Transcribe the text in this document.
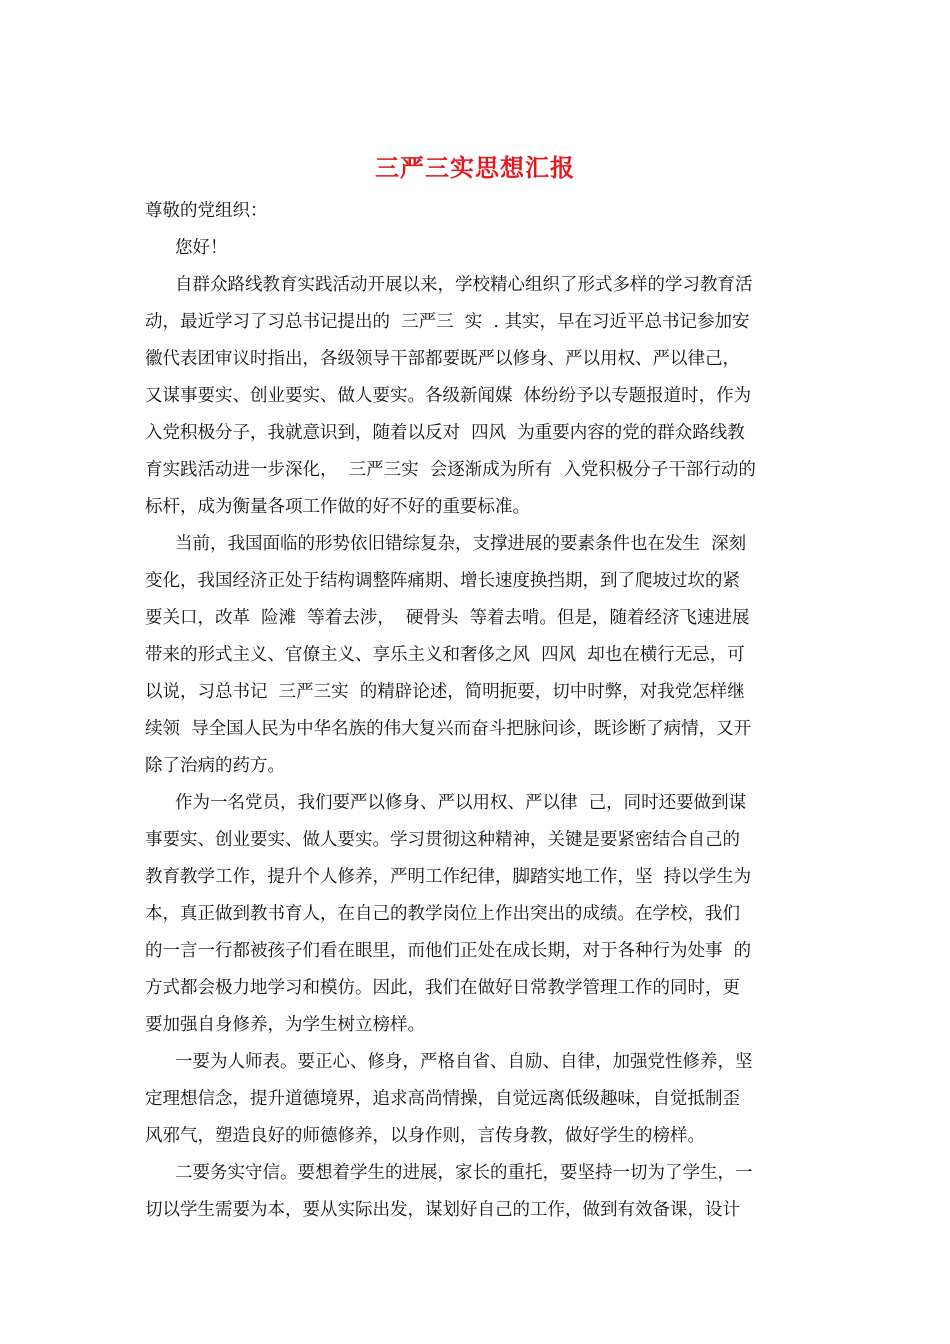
三严三实思想汇报
尊敬的党组织：
您好！
自群众路线教育实践活动开展以来，学校精心组织了形式多样的学习教育活
动，最近学习了习总书记提出的  三严三  实  . 其实，早在习近平总书记参加安
徽代表团审议时指出，各级领导干部都要既严以修身、严以用权、严以律己，
又谋事要实、创业要实、做人要实。各级新闻媒  体纷纷予以专题报道时，作为
入党积极分子，我就意识到，随着以反对  四风  为重要内容的党的群众路线教
育实践活动进一步深化，  三严三实  会逐渐成为所有  入党积极分子干部行动的
标杆，成为衡量各项工作做的好不好的重要标准。
当前，我国面临的形势依旧错综复杂，支撑进展的要素条件也在发生  深刻
变化，我国经济正处于结构调整阵痛期、增长速度换挡期，到了爬坡过坎的紧
要关口，改革  险滩  等着去涉，  硬骨头  等着去啃。但是，随着经济飞速进展
带来的形式主义、官僚主义、享乐主义和奢侈之风  四风  却也在横行无忌，可
以说，习总书记  三严三实  的精辟论述，简明扼要，切中时弊，对我党怎样继
续领  导全国人民为中华名族的伟大复兴而奋斗把脉问诊，既诊断了病情，又开
除了治病的药方。
作为一名党员，我们要严以修身、严以用权、严以律  己，同时还要做到谋
事要实、创业要实、做人要实。学习贯彻这种精神，关键是要紧密结合自己的
教育教学工作，提升个人修养，严明工作纪律，脚踏实地工作，坚  持以学生为
本，真正做到教书育人，在自己的教学岗位上作出突出的成绩。在学校，我们
的一言一行都被孩子们看在眼里，而他们正处在成长期，对于各种行为处事  的
方式都会极力地学习和模仿。因此，我们在做好日常教学管理工作的同时，更
要加强自身修养，为学生树立榜样。
一要为人师表。要正心、修身，严格自省、自励、自律，加强党性修养，坚
定理想信念，提升道德境界，追求高尚情操，自觉远离低级趣味，自觉抵制歪
风邪气，塑造良好的师德修养，以身作则，言传身教，做好学生的榜样。
二要务实守信。要想着学生的进展，家长的重托，要坚持一切为了学生，一
切以学生需要为本，要从实际出发，谋划好自己的工作，做到有效备课，设计
